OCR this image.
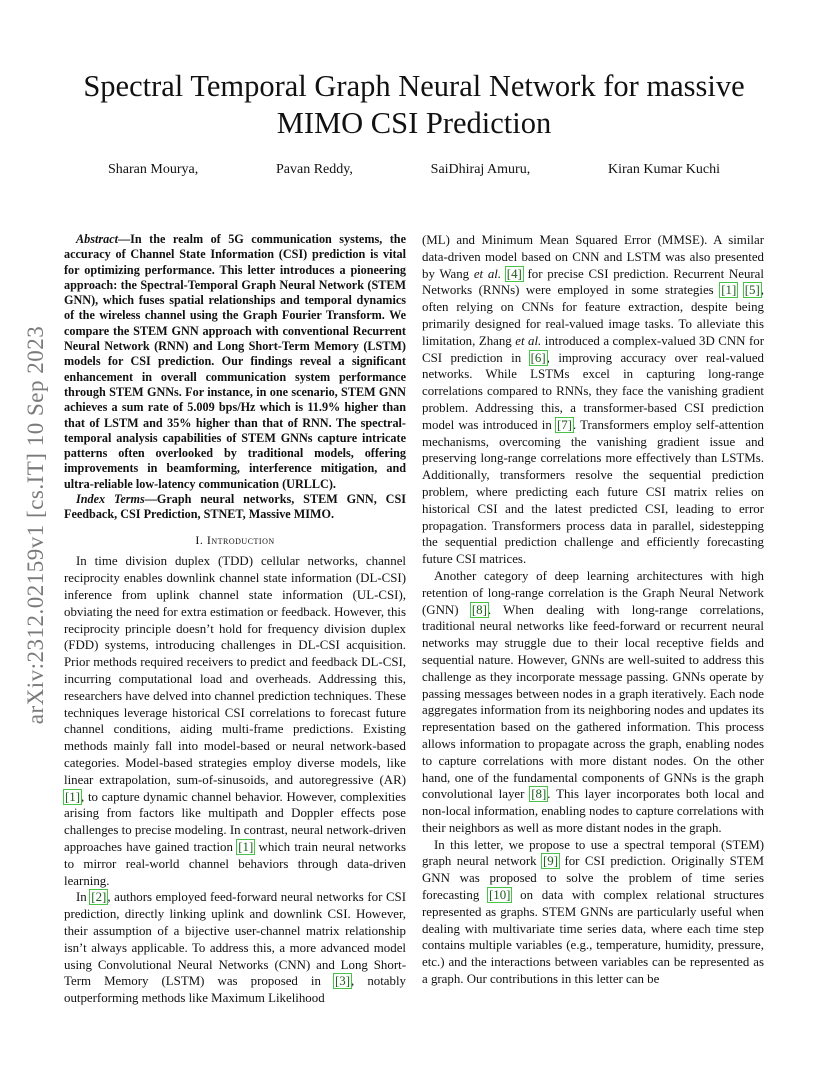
arXiv:2312.02159v1 [cs.IT] 10 Sep 2023
Spectral Temporal Graph Neural Network for massive MIMO CSI Prediction
Sharan Mourya,	Pavan Reddy,	SaiDhiraj Amuru,	Kiran Kumar Kuchi

Abstract—In the realm of 5G communication systems, the accuracy of Channel State Information (CSI) prediction is vital for optimizing performance. This letter introduces a pioneering approach: the Spectral-Temporal Graph Neural Network (STEM GNN), which fuses spatial relationships and temporal dynamics of the wireless channel using the Graph Fourier Transform. We compare the STEM GNN approach with conventional Recurrent Neural Network (RNN) and Long Short-Term Memory (LSTM) models for CSI prediction. Our findings reveal a significant enhancement in overall communication system performance through STEM GNNs. For instance, in one scenario, STEM GNN achieves a sum rate of 5.009 bps/Hz which is 11.9% higher than that of LSTM and 35% higher than that of RNN. The spectral-temporal analysis capabilities of STEM GNNs capture intricate patterns often overlooked by traditional models, offering improvements in beamforming, interference mitigation, and ultra-reliable low-latency communication (URLLC).

Index Terms—Graph neural networks, STEM GNN, CSI Feedback, CSI Prediction, STNET, Massive MIMO.

I. Introduction

In time division duplex (TDD) cellular networks, channel reciprocity enables downlink channel state information (DL-CSI) inference from uplink channel state information (UL-CSI), obviating the need for extra estimation or feedback. However, this reciprocity principle doesn’t hold for frequency division duplex (FDD) systems, introducing challenges in DL-CSI acquisition. Prior methods required receivers to predict and feedback DL-CSI, incurring computational load and overheads. Addressing this, researchers have delved into channel prediction techniques. These techniques leverage historical CSI correlations to forecast future channel conditions, aiding multi-frame predictions. Existing methods mainly fall into model-based or neural network-based categories. Model-based strategies employ diverse models, like linear extrapolation, sum-of-sinusoids, and autoregressive (AR) [1], to capture dynamic channel behavior. However, complexities arising from factors like multipath and Doppler effects pose challenges to precise modeling. In contrast, neural network-driven approaches have gained traction [1] which train neural networks to mirror real-world channel behaviors through data-driven learning.

In [2], authors employed feed-forward neural networks for CSI prediction, directly linking uplink and downlink CSI. However, their assumption of a bijective user-channel matrix relationship isn’t always applicable. To address this, a more advanced model using Convolutional Neural Networks (CNN) and Long Short-Term Memory (LSTM) was proposed in [3], notably outperforming methods like Maximum Likelihood

(ML) and Minimum Mean Squared Error (MMSE). A similar data-driven model based on CNN and LSTM was also presented by Wang et al. [4] for precise CSI prediction. Recurrent Neural Networks (RNNs) were employed in some strategies [1] [5], often relying on CNNs for feature extraction, despite being primarily designed for real-valued image tasks. To alleviate this limitation, Zhang et al. introduced a complex-valued 3D CNN for CSI prediction in [6], improving accuracy over real-valued networks. While LSTMs excel in capturing long-range correlations compared to RNNs, they face the vanishing gradient problem. Addressing this, a transformer-based CSI prediction model was introduced in [7]. Transformers employ self-attention mechanisms, overcoming the vanishing gradient issue and preserving long-range correlations more effectively than LSTMs. Additionally, transformers resolve the sequential prediction problem, where predicting each future CSI matrix relies on historical CSI and the latest predicted CSI, leading to error propagation. Transformers process data in parallel, sidestepping the sequential prediction challenge and efficiently forecasting future CSI matrices.

Another category of deep learning architectures with high retention of long-range correlation is the Graph Neural Network (GNN) [8]. When dealing with long-range correlations, traditional neural networks like feed-forward or recurrent neural networks may struggle due to their local receptive fields and sequential nature. However, GNNs are well-suited to address this challenge as they incorporate message passing. GNNs operate by passing messages between nodes in a graph iteratively. Each node aggregates information from its neighboring nodes and updates its representation based on the gathered information. This process allows information to propagate across the graph, enabling nodes to capture correlations with more distant nodes. On the other hand, one of the fundamental components of GNNs is the graph convolutional layer [8]. This layer incorporates both local and non-local information, enabling nodes to capture correlations with their neighbors as well as more distant nodes in the graph.

In this letter, we propose to use a spectral temporal (STEM) graph neural network [9] for CSI prediction. Originally STEM GNN was proposed to solve the problem of time series forecasting [10] on data with complex relational structures represented as graphs. STEM GNNs are particularly useful when dealing with multivariate time series data, where each time step contains multiple variables (e.g., temperature, humidity, pressure, etc.) and the interactions between variables can be represented as a graph. Our contributions in this letter can be
